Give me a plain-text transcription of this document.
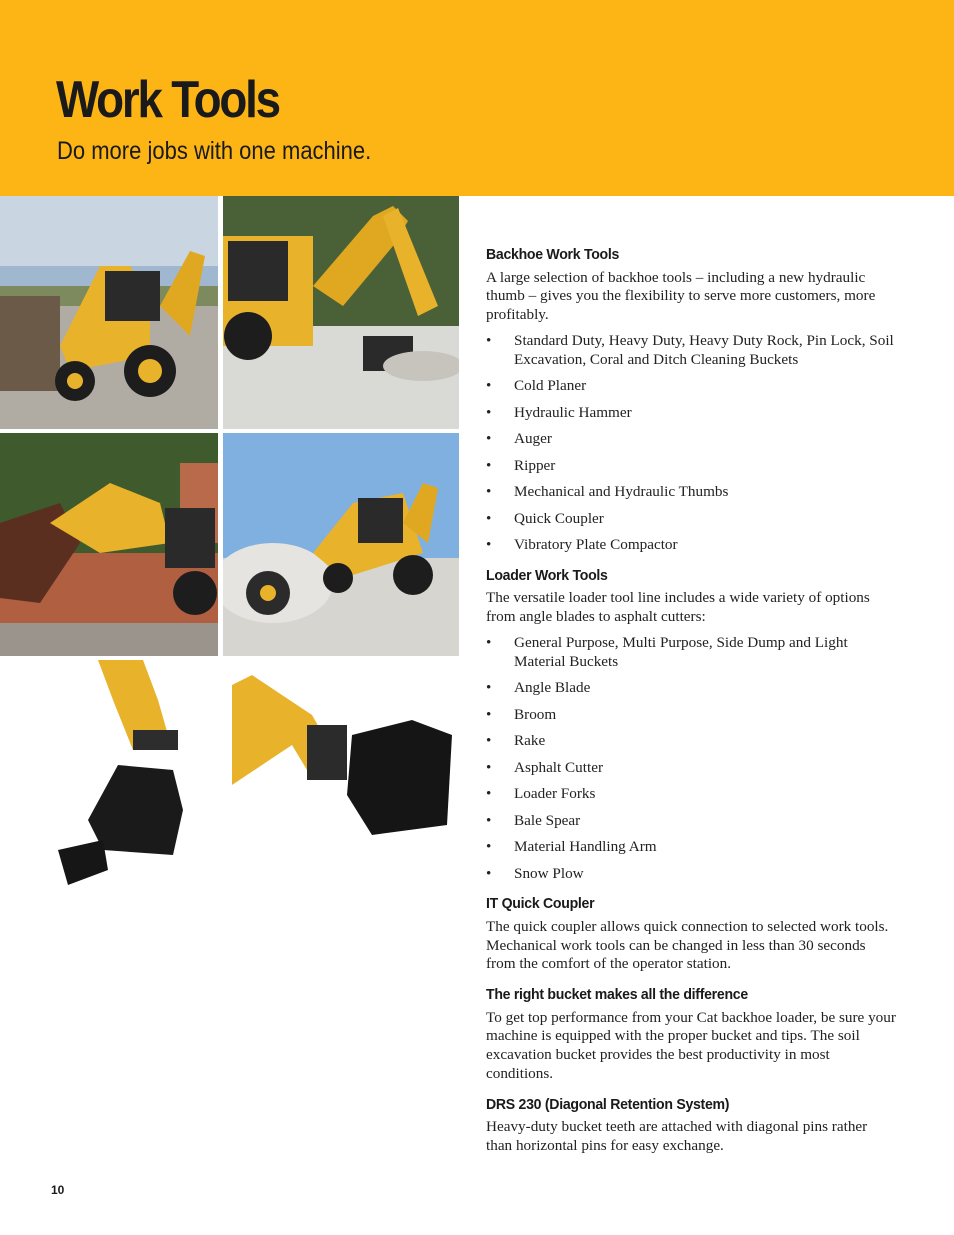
Work Tools
Do more jobs with one machine.
Backhoe Work Tools

A large selection of backhoe tools – including a new hydraulic thumb – gives you the flexibility to serve more customers, more profitably.

• Standard Duty, Heavy Duty, Heavy Duty Rock, Pin Lock, Soil Excavation, Coral and Ditch Cleaning Buckets
• Cold Planer
• Hydraulic Hammer
• Auger
• Ripper
• Mechanical and Hydraulic Thumbs
• Quick Coupler
• Vibratory Plate Compactor
Loader Work Tools

The versatile loader tool line includes a wide variety of options from angle blades to asphalt cutters:

• General Purpose, Multi Purpose, Side Dump and Light Material Buckets
• Angle Blade
• Broom
• Rake
• Asphalt Cutter
• Loader Forks
• Bale Spear
• Material Handling Arm
• Snow Plow
IT Quick Coupler

The quick coupler allows quick connection to selected work tools. Mechanical work tools can be changed in less than 30 seconds from the comfort of the operator station.

The right bucket makes all the difference

To get top performance from your Cat backhoe loader, be sure your machine is equipped with the proper bucket and tips. The soil excavation bucket provides the best productivity in most conditions.

DRS 230 (Diagonal Retention System)

Heavy-duty bucket teeth are attached with diagonal pins rather than horizontal pins for easy exchange.

10
